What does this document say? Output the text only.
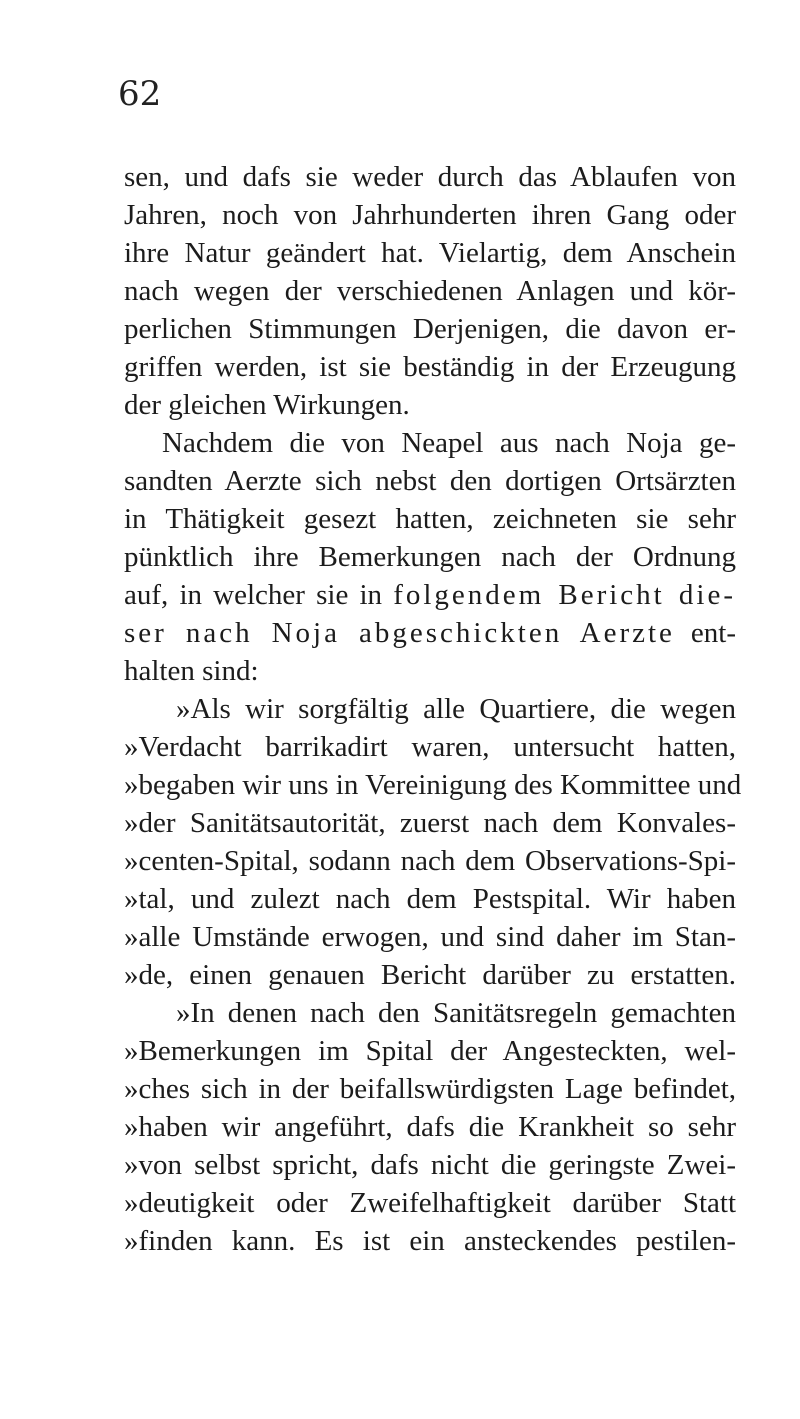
62
sen, und dafs sie weder durch das Ablaufen von
Jahren, noch von Jahrhunderten ihren Gang oder
ihre Natur geändert hat. Vielartig, dem Anschein
nach wegen der verschiedenen Anlagen und kör-
perlichen Stimmungen Derjenigen, die davon er-
griffen werden, ist sie beständig in der Erzeugung
der gleichen Wirkungen.
Nachdem die von Neapel aus nach Noja ge-
sandten Aerzte sich nebst den dortigen Ortsärzten
in Thätigkeit gesezt hatten, zeichneten sie sehr
pünktlich ihre Bemerkungen nach der Ordnung
auf, in welcher sie in folgendem Bericht die-
ser nach Noja abgeschickten Aerzte ent-
halten sind:
»Als wir sorgfältig alle Quartiere, die wegen
»Verdacht barrikadirt waren, untersucht hatten,
»begaben wir uns in Vereinigung des Kommittee und
»der Sanitätsautorität, zuerst nach dem Konvales-
»centen-Spital, sodann nach dem Observations-Spi-
»tal, und zulezt nach dem Pestspital. Wir haben
»alle Umstände erwogen, und sind daher im Stan-
»de, einen genauen Bericht darüber zu erstatten.
»In denen nach den Sanitätsregeln gemachten
»Bemerkungen im Spital der Angesteckten, wel-
»ches sich in der beifallswürdigsten Lage befindet,
»haben wir angeführt, dafs die Krankheit so sehr
»von selbst spricht, dafs nicht die geringste Zwei-
»deutigkeit oder Zweifelhaftigkeit darüber Statt
»finden kann. Es ist ein ansteckendes pestilen-
